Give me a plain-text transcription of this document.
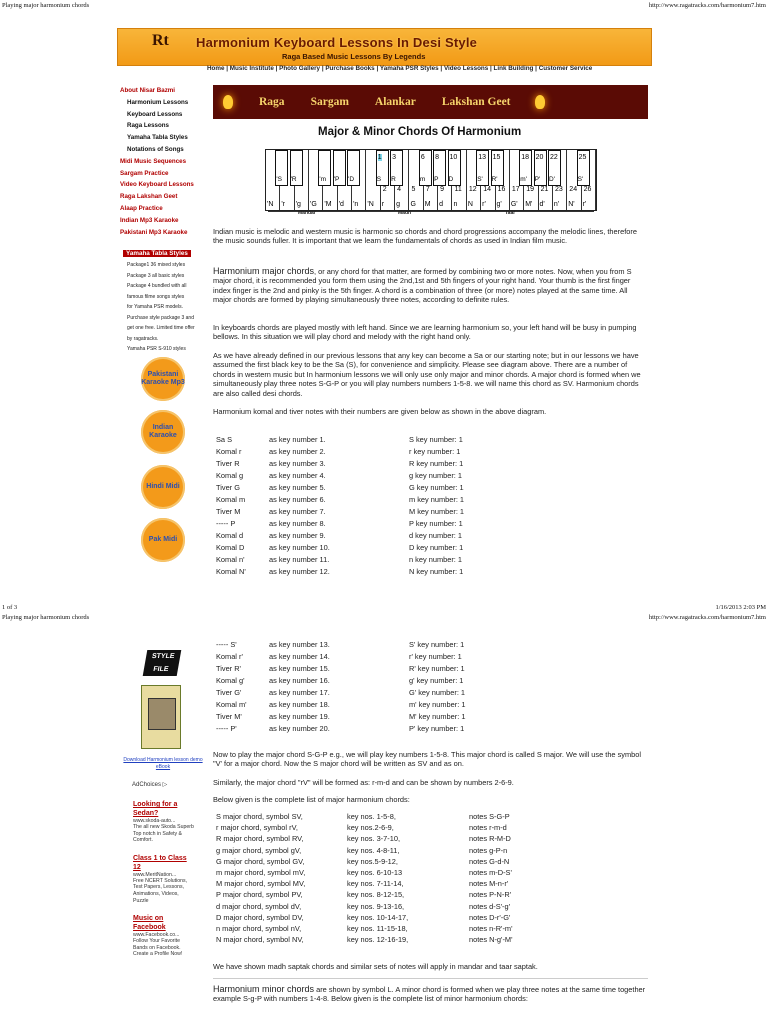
Playing major harmonium chords	http://www.ragatracks.com/harmonium7.htm
Rt	Harmonium Keyboard Lessons In Desi Style
Raga Based Music Lessons By Legends
Home | Music Institute | Photo Gallery | Purchase Books | Yamaha PSR Styles | Video Lessons | Link Building | Customer Service
About Nisar Bazmi
Harmonium Lessons
Keyboard Lessons
Raga Lessons
Yamaha Tabla Styles
Notations of Songs
Midi Music Sequences
Sargam Practice
Video Keyboard Lessons
Raga Lakshan Geet
Alaap Practice
Indian Mp3 Karaoke
Pakistani Mp3 Karaoke
Yamaha Tabla Styles
Package1 36 mixed styles
Package 3 all basic styles
Package 4 bundled with all
famous filme songs styles
for Yamaha PSR models.
Purchase style package 3 and
get one free. Limited time offer
by ragatracks.
Yamaha PSR S-910 styles
Pakistani Karaoke Mp3
Indian Karaoke
Hindi Midi
Pak Midi
Raga Sargam Alankar Lakshan Geet
Major & Minor Chords Of Harmonium
'N 'r 'g 'G 'M 'd 'n 'N r g G M d n N r' g' G' M' d' n' N' r'
'S 'R	'm 'P 'D	S R	m P D	S' R'	m' P' D'	S'
1 3	6 8 10	13 15	18 20 22	25
2 4 5 7 9 11 12 14 16 17 19 21 23 24 26
Mandar	Madh	Taar
Indian music is melodic and western music is harmonic so chords and chord progressions accompany the melodic lines, therefore the music sounds fuller. It is important that we learn the fundamentals of chords as used in Indian film music.
Harmonium major chords, or any chord for that matter, are formed by combining two or more notes. Now, when you from S major chord, it is recommended you form them using the 2nd,1st and 5th fingers of your right hand. Your thumb is the first finger index finger is the 2nd and pinky is the 5th finger. A chord is a combination of three (or more) notes played at the same time. All major chords are formed by playing simultaneously three notes, according to definite rules.
In keyboards chords are played mostly with left hand. Since we are learning harmonium so, your left hand will be busy in pumping bellows. In this situation we will play chord and melody with the right hand only.
As we have already defined in our previous lessons that any key can become a Sa or our starting note; but in our lessons we have assumed the first black key to be the Sa (S), for convenience and simplicity. Please see diagram above. There are a number of chords in western music but In harmonium lessons we will only use only major and minor chords. A major chord is formed when we simultaneously play three notes S-G-P or you will play numbers numbers 1-5-8. we will name this chord as SV. Harmonium chords are also called desi chords.
Harmonium komal and tiver notes with their numbers are given below as shown in the above diagram.
Sa S	as key number 1.	S key number: 1
Komal r	as key number 2.	r key number: 1
Tiver R	as key number 3.	R key number: 1
Komal g	as key number 4.	g key number: 1
Tiver G	as key number 5.	G key number: 1
Komal m	as key number 6.	m key number: 1
Tiver M	as key number 7.	M key number: 1
----- P	as key number 8.	P key number: 1
Komal d	as key number 9.	d key number: 1
Komal D	as key number 10.	D key number: 1
Komal n'	as key number 11.	n key number: 1
Komal N'	as key number 12.	N key number: 1
1 of 3	1/16/2013 2:03 PM
Playing major harmonium chords	http://www.ragatracks.com/harmonium7.htm
STYLE FILE
Download Harmonium lesson demo eBook
AdChoices ▷
Looking for a Sedan?
www.skoda-auto...
The all new Skoda Superb Top notch in Safety & Comfort.
Class 1 to Class 12
www.MeritNation...
Free NCERT Solutions, Test Papers, Lessons, Animations, Videos, Puzzle
Music on Facebook
www.Facebook.co...
Follow Your Favorite Bands on Facebook. Create a Profile Now!
----- S'	as key number 13.	S' key number: 1
Komal r'	as key number 14.	r' key number: 1
Tiver R'	as key number 15.	R' key number: 1
Komal g'	as key number 16.	g' key number: 1
Tiver G'	as key number 17.	G' key number: 1
Komal m'	as key number 18.	m' key number: 1
Tiver M'	as key number 19.	M' key number: 1
----- P'	as key number 20.	P' key number: 1
Now to play the major chord S-G-P e.g., we will play key numbers 1-5-8. This major chord is called S major. We will use the symbol "V' for a major chord. Now the S major chord will be written as SV and as on.
Similarly, the major chord "rV" will be formed as: r-m-d and can be shown by numbers 2-6-9.
Below given is the complete list of major harmonium chords:
S major chord, symbol SV,	key nos. 1-5-8,	notes S-G-P
r major chord, symbol rV,	key nos.2-6-9,	notes r-m-d
R major chord, symbol RV,	key nos. 3-7-10,	notes R-M-D
g major chord, symbol gV,	key nos. 4-8-11,	notes g-P-n
G major chord, symbol GV,	key nos.5-9-12,	notes G-d-N
m major chord, symbol mV,	key nos. 6-10-13	notes m-D-S'
M major chord, symbol MV,	key nos. 7-11-14,	notes M-n-r'
P major chord, symbol PV,	key nos. 8-12-15,	notes P-N-R'
d major chord, symbol dV,	key nos. 9-13-16,	notes d-S'-g'
D major chord, symbol DV,	key nos. 10-14-17,	notes D-r'-G'
n major chord, symbol nV,	key nos. 11-15-18,	notes n-R'-m'
N major chord, symbol NV,	key nos. 12-16-19,	notes N-g'-M'
We have shown madh saptak chords and similar sets of notes will apply in mandar and taar saptak.
Harmonium minor chords are shown by symbol L. A minor chord is formed when we play three notes at the same time together example S-g-P with numbers 1-4-8. Below given is the complete list of minor harmonium chords:
